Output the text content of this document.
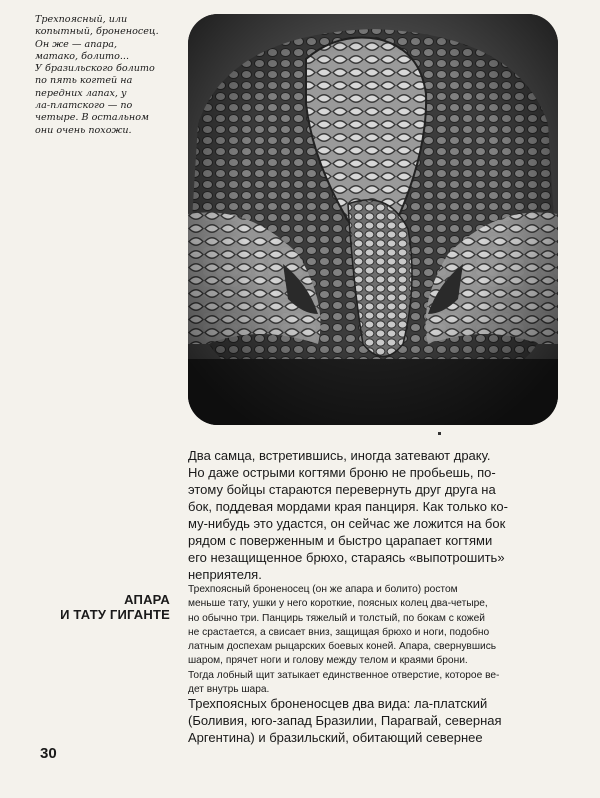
Трехпоясный, или
копытный, броненосец.
Он же — апара,
матако, болито...
У бразильского болито
по пять когтей на
передних лапах, у
ла-платского — по
четыре. В остальном
они очень похожи.

Два самца, встретившись, иногда затевают драку.
Но даже острыми когтями броню не пробьешь, по-
этому бойцы стараются перевернуть друг друга на
бок, поддевая мордами края панциря. Как только ко-
му-нибудь это удастся, он сейчас же ложится на бок
рядом с поверженным и быстро царапает когтями
его незащищенное брюхо, стараясь «выпотрошить»
неприятеля.

АПАРА
И ТАТУ ГИГАНТЕ

Трехпоясный броненосец (он же апара и болито) ростом
меньше тату, ушки у него короткие, поясных колец два-четыре,
но обычно три. Панцирь тяжелый и толстый, по бокам с кожей
не срастается, а свисает вниз, защищая брюхо и ноги, подобно
латным доспехам рыцарских боевых коней. Апара, свернувшись
шаром, прячет ноги и голову между телом и краями брони.
Тогда лобный щит затыкает единственное отверстие, которое ве-
дет внутрь шара.

Трехпоясных броненосцев два вида: ла-платский
(Боливия, юго-запад Бразилии, Парагвай, северная
Аргентина) и бразильский, обитающий севернее

30
